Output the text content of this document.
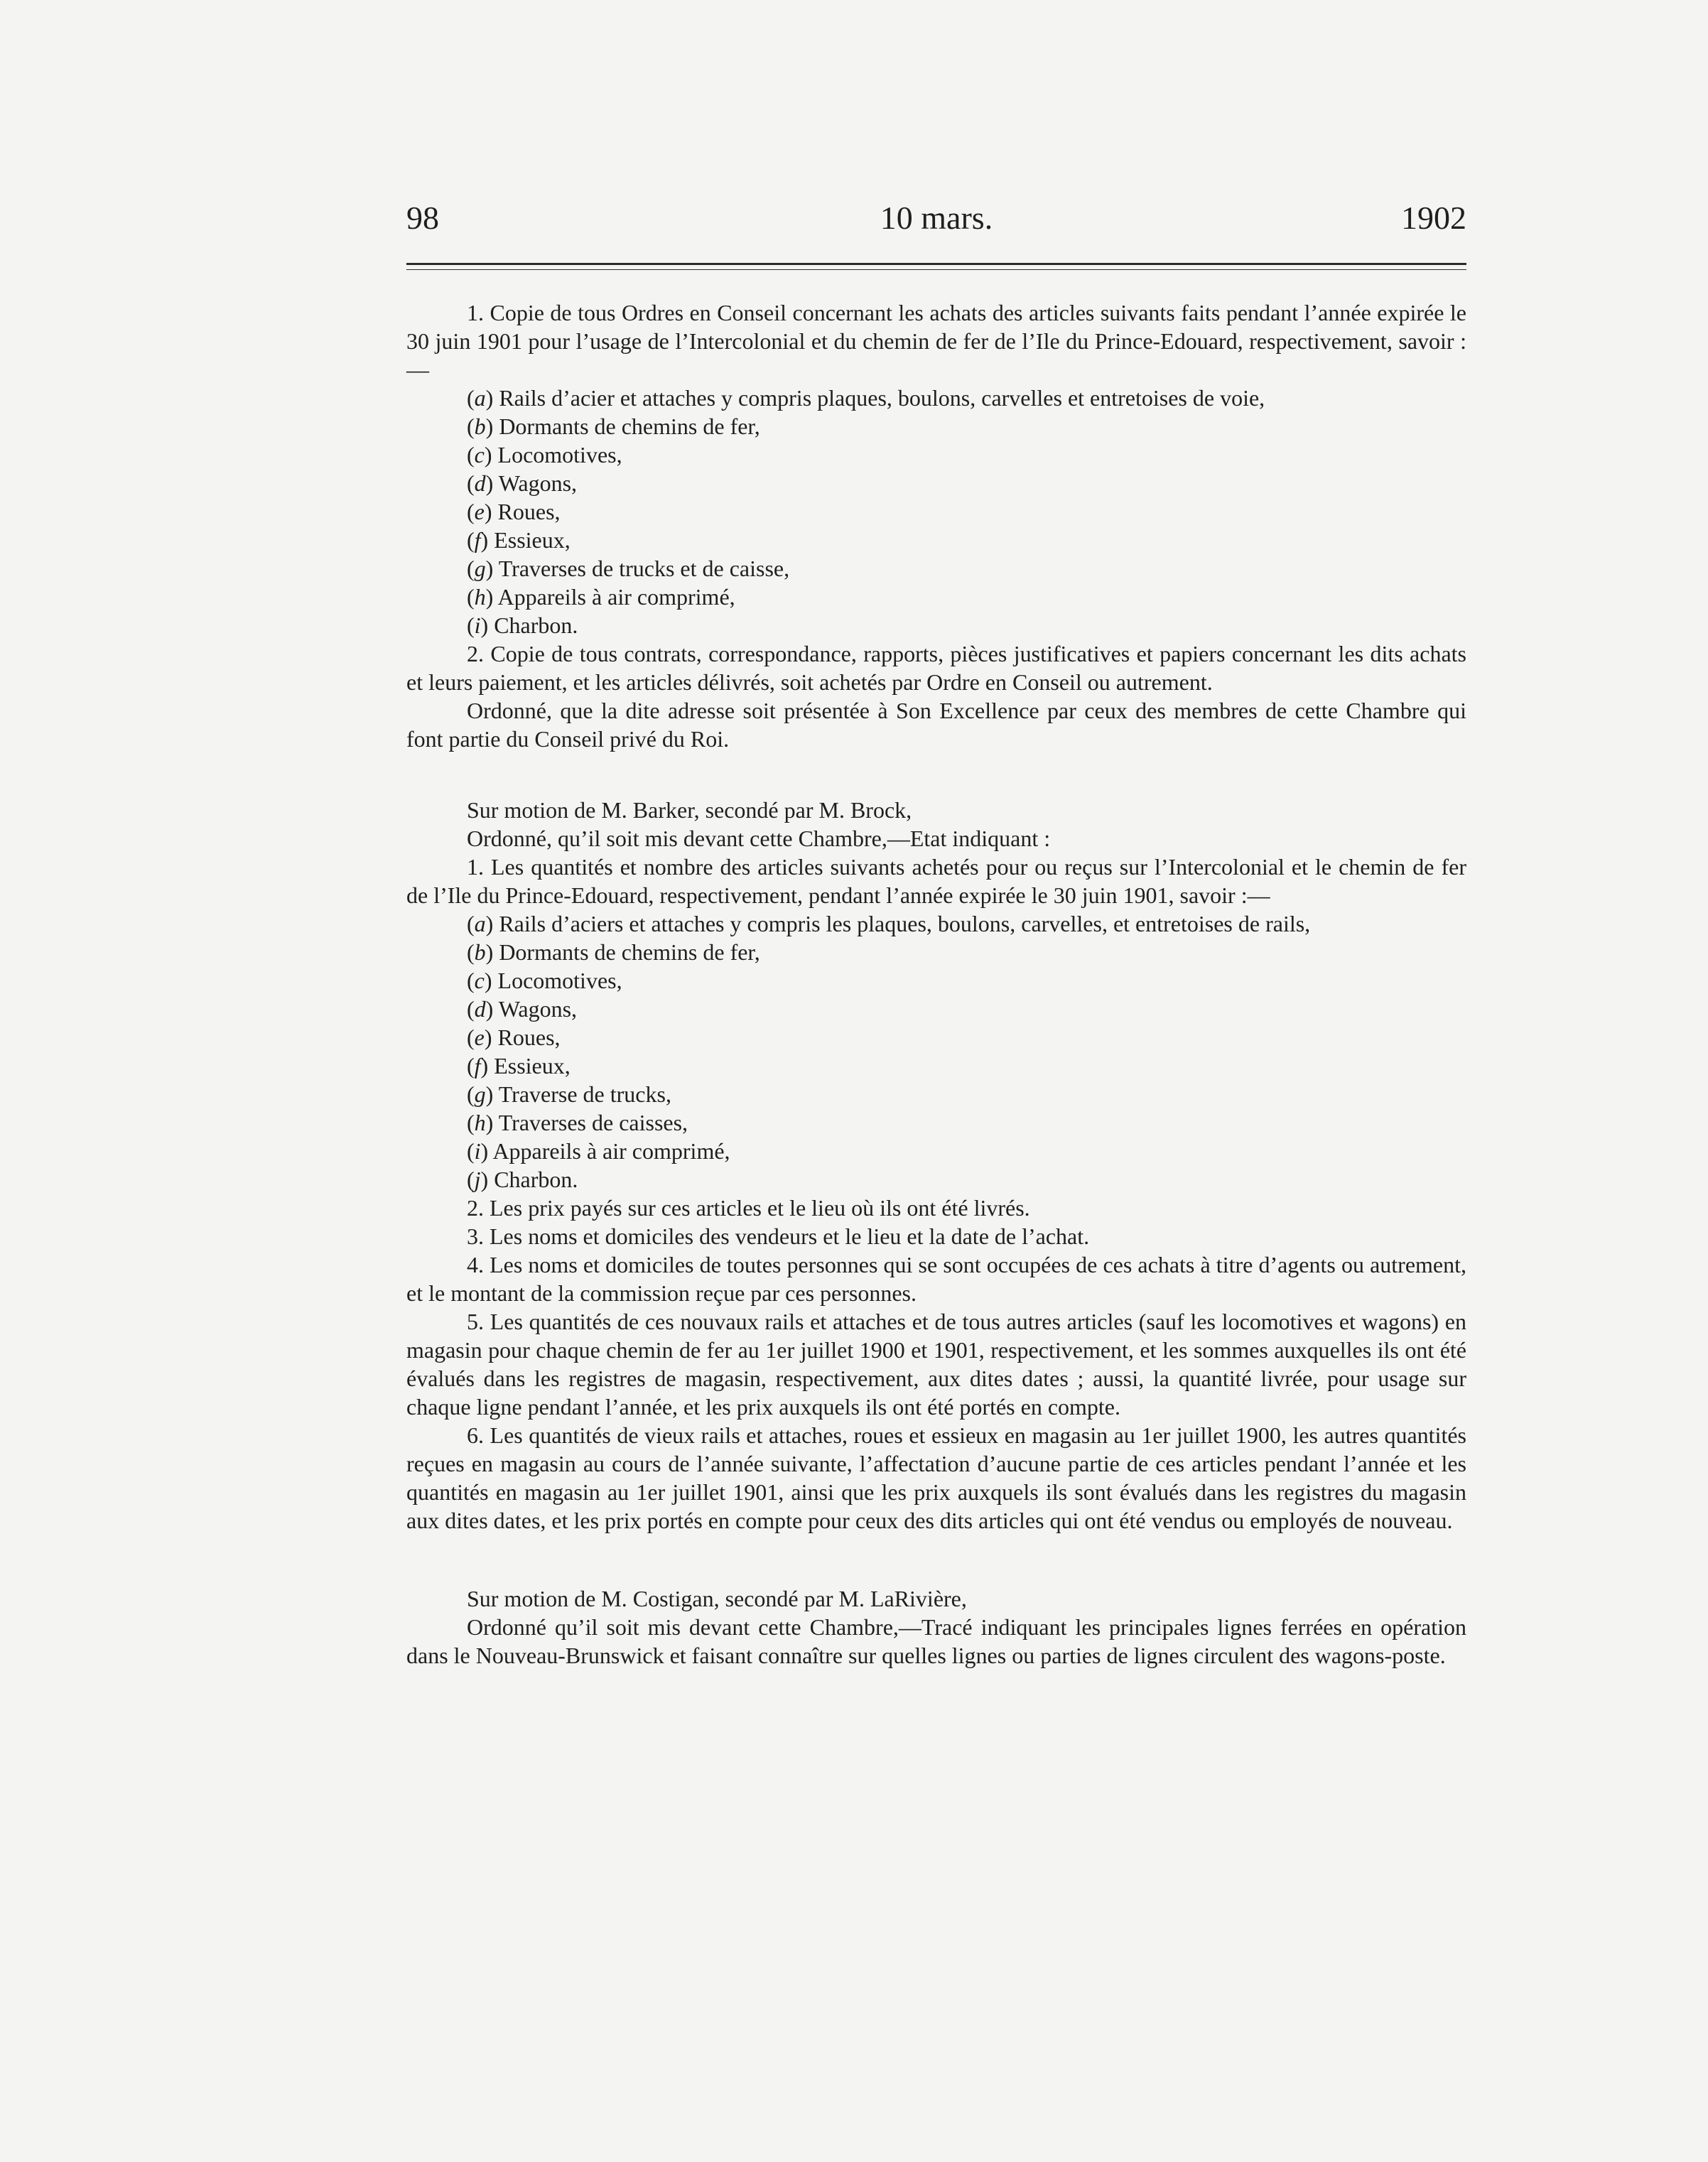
98	10 mars.	1902

1. Copie de tous Ordres en Conseil concernant les achats des articles suivants faits pendant l’année expirée le 30 juin 1901 pour l’usage de l’Intercolonial et du chemin de fer de l’Ile du Prince-Edouard, respectivement, savoir :—

(a) Rails d’acier et attaches y compris plaques, boulons, carvelles et entretoises de voie,

(b) Dormants de chemins de fer,

(c) Locomotives,

(d) Wagons,

(e) Roues,

(f) Essieux,

(g) Traverses de trucks et de caisse,

(h) Appareils à air comprimé,

(i) Charbon.

2. Copie de tous contrats, correspondance, rapports, pièces justificatives et papiers concernant les dits achats et leurs paiement, et les articles délivrés, soit achetés par Ordre en Conseil ou autrement.

Ordonné, que la dite adresse soit présentée à Son Excellence par ceux des membres de cette Chambre qui font partie du Conseil privé du Roi.

Sur motion de M. Barker, secondé par M. Brock,

Ordonné, qu’il soit mis devant cette Chambre,—Etat indiquant :

1. Les quantités et nombre des articles suivants achetés pour ou reçus sur l’Intercolonial et le chemin de fer de l’Ile du Prince-Edouard, respectivement, pendant l’année expirée le 30 juin 1901, savoir :—

(a) Rails d’aciers et attaches y compris les plaques, boulons, carvelles, et entretoises de rails,

(b) Dormants de chemins de fer,

(c) Locomotives,

(d) Wagons,

(e) Roues,

(f) Essieux,

(g) Traverse de trucks,

(h) Traverses de caisses,

(i) Appareils à air comprimé,

(j) Charbon.

2. Les prix payés sur ces articles et le lieu où ils ont été livrés.

3. Les noms et domiciles des vendeurs et le lieu et la date de l’achat.

4. Les noms et domiciles de toutes personnes qui se sont occupées de ces achats à titre d’agents ou autrement, et le montant de la commission reçue par ces personnes.

5. Les quantités de ces nouvaux rails et attaches et de tous autres articles (sauf les locomotives et wagons) en magasin pour chaque chemin de fer au 1er juillet 1900 et 1901, respectivement, et les sommes auxquelles ils ont été évalués dans les registres de magasin, respectivement, aux dites dates ; aussi, la quantité livrée, pour usage sur chaque ligne pendant l’année, et les prix auxquels ils ont été portés en compte.

6. Les quantités de vieux rails et attaches, roues et essieux en magasin au 1er juillet 1900, les autres quantités reçues en magasin au cours de l’année suivante, l’affectation d’aucune partie de ces articles pendant l’année et les quantités en magasin au 1er juillet 1901, ainsi que les prix auxquels ils sont évalués dans les registres du magasin aux dites dates, et les prix portés en compte pour ceux des dits articles qui ont été vendus ou employés de nouveau.

Sur motion de M. Costigan, secondé par M. LaRivière,

Ordonné qu’il soit mis devant cette Chambre,—Tracé indiquant les principales lignes ferrées en opération dans le Nouveau-Brunswick et faisant connaître sur quelles lignes ou parties de lignes circulent des wagons-poste.
